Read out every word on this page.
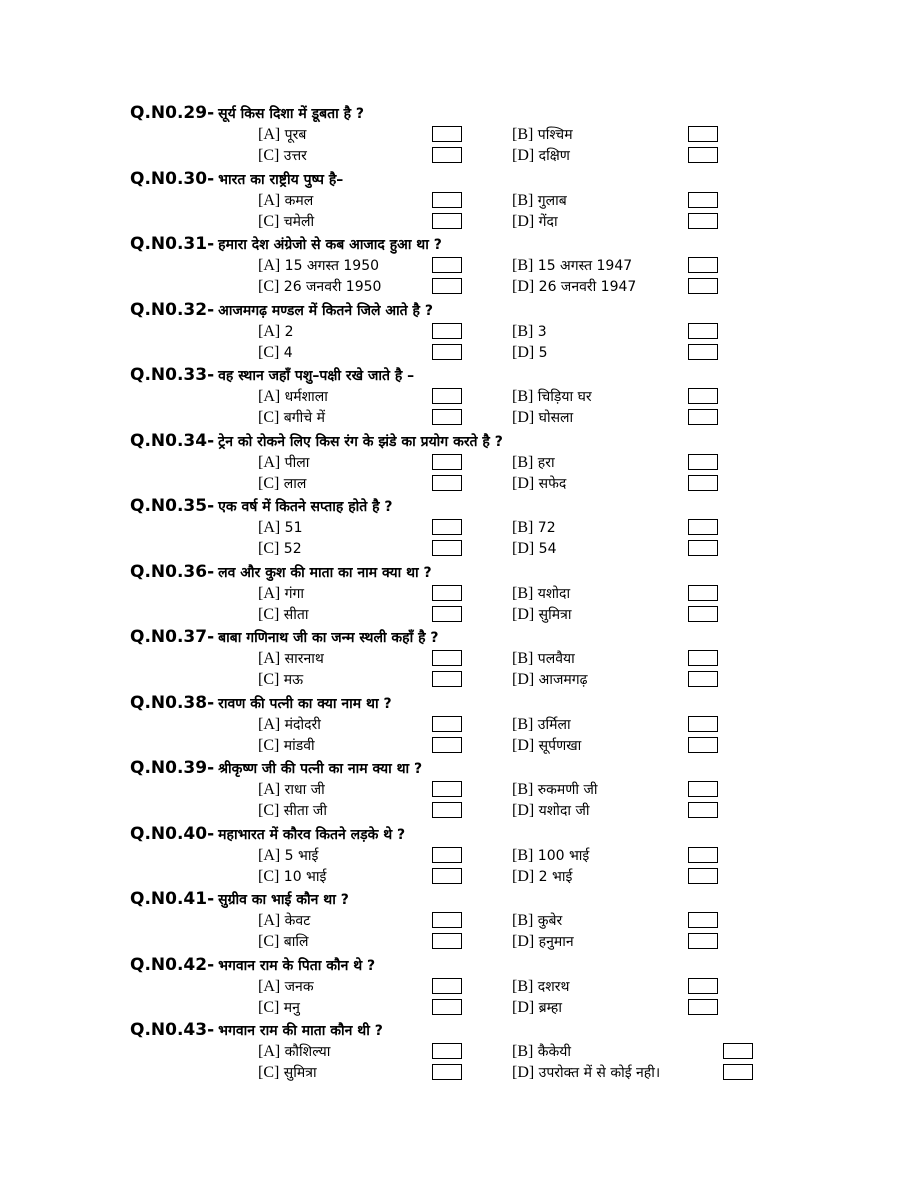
Q.N0.29- सूर्य किस दिशा में डूबता है ?
[A] पूरब	[B] पश्चिम
[C] उत्तर	[D] दक्षिण
Q.N0.30- भारत का राष्ट्रीय पुष्प है–
[A] कमल	[B] गुलाब
[C] चमेली	[D] गेंदा
Q.N0.31- हमारा देश अंग्रेजो से कब आजाद हुआ था ?
[A] 15 अगस्त 1950	[B] 15 अगस्त 1947
[C] 26 जनवरी 1950	[D] 26 जनवरी 1947
Q.N0.32- आजमगढ़ मण्डल में कितने जिले आते है ?
[A] 2	[B] 3
[C] 4	[D] 5
Q.N0.33- वह स्थान जहाँ पशु–पक्षी रखे जाते है –
[A] धर्मशाला	[B] चिड़िया घर
[C] बगीचे में	[D] घोसला
Q.N0.34- ट्रेन को रोकने लिए किस रंग के झंडे का प्रयोग करते है ?
[A] पीला	[B] हरा
[C] लाल	[D] सफेद
Q.N0.35- एक वर्ष में कितने सप्ताह होते है ?
[A] 51	[B] 72
[C] 52	[D] 54
Q.N0.36- लव और कुश की माता का नाम क्या था ?
[A] गंगा	[B] यशोदा
[C] सीता	[D] सुमित्रा
Q.N0.37- बाबा गणिनाथ जी का जन्म स्थली कहाँ है ?
[A] सारनाथ	[B] पलवैया
[C] मऊ	[D] आजमगढ़
Q.N0.38- रावण की पत्नी का क्या नाम था ?
[A] मंदोदरी	[B] उर्मिला
[C] मांडवी	[D] सूर्पणखा
Q.N0.39- श्रीकृष्ण जी की पत्नी का नाम क्या था ?
[A] राधा जी	[B] रुकमणी जी
[C] सीता जी	[D] यशोदा जी
Q.N0.40- महाभारत में कौरव कितने लड़के थे ?
[A] 5 भाई	[B] 100 भाई
[C] 10 भाई	[D] 2 भाई
Q.N0.41- सुग्रीव का भाई कौन था ?
[A] केवट	[B] कुबेर
[C] बालि	[D] हनुमान
Q.N0.42- भगवान राम के पिता कौन थे ?
[A] जनक	[B] दशरथ
[C] मनु	[D] ब्रम्हा
Q.N0.43- भगवान राम की माता कौन थी ?
[A] कौशिल्या	[B] कैकेयी
[C] सुमित्रा	[D] उपरोक्त में से कोई नही।
